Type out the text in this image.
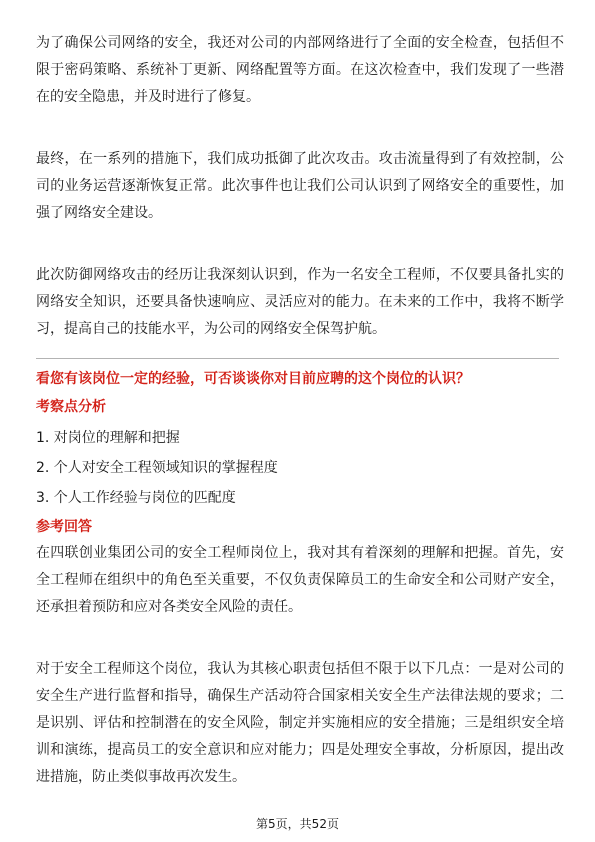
为了确保公司网络的安全，我还对公司的内部网络进行了全面的安全检查，包括但不限于密码策略、系统补丁更新、网络配置等方面。在这次检查中，我们发现了一些潜在的安全隐患，并及时进行了修复。

最终，在一系列的措施下，我们成功抵御了此次攻击。攻击流量得到了有效控制，公司的业务运营逐渐恢复正常。此次事件也让我们公司认识到了网络安全的重要性，加强了网络安全建设。

此次防御网络攻击的经历让我深刻认识到，作为一名安全工程师，不仅要具备扎实的网络安全知识，还要具备快速响应、灵活应对的能力。在未来的工作中，我将不断学习，提高自己的技能水平，为公司的网络安全保驾护航。

看您有该岗位一定的经验，可否谈谈你对目前应聘的这个岗位的认识？

考察点分析

1. 对岗位的理解和把握
2. 个人对安全工程领域知识的掌握程度
3. 个人工作经验与岗位的匹配度

参考回答

在四联创业集团公司的安全工程师岗位上，我对其有着深刻的理解和把握。首先，安全工程师在组织中的角色至关重要，不仅负责保障员工的生命安全和公司财产安全，还承担着预防和应对各类安全风险的责任。

对于安全工程师这个岗位，我认为其核心职责包括但不限于以下几点：一是对公司的安全生产进行监督和指导，确保生产活动符合国家相关安全生产法律法规的要求；二是识别、评估和控制潜在的安全风险，制定并实施相应的安全措施；三是组织安全培训和演练，提高员工的安全意识和应对能力；四是处理安全事故，分析原因，提出改进措施，防止类似事故再次发生。

第5页，共52页
